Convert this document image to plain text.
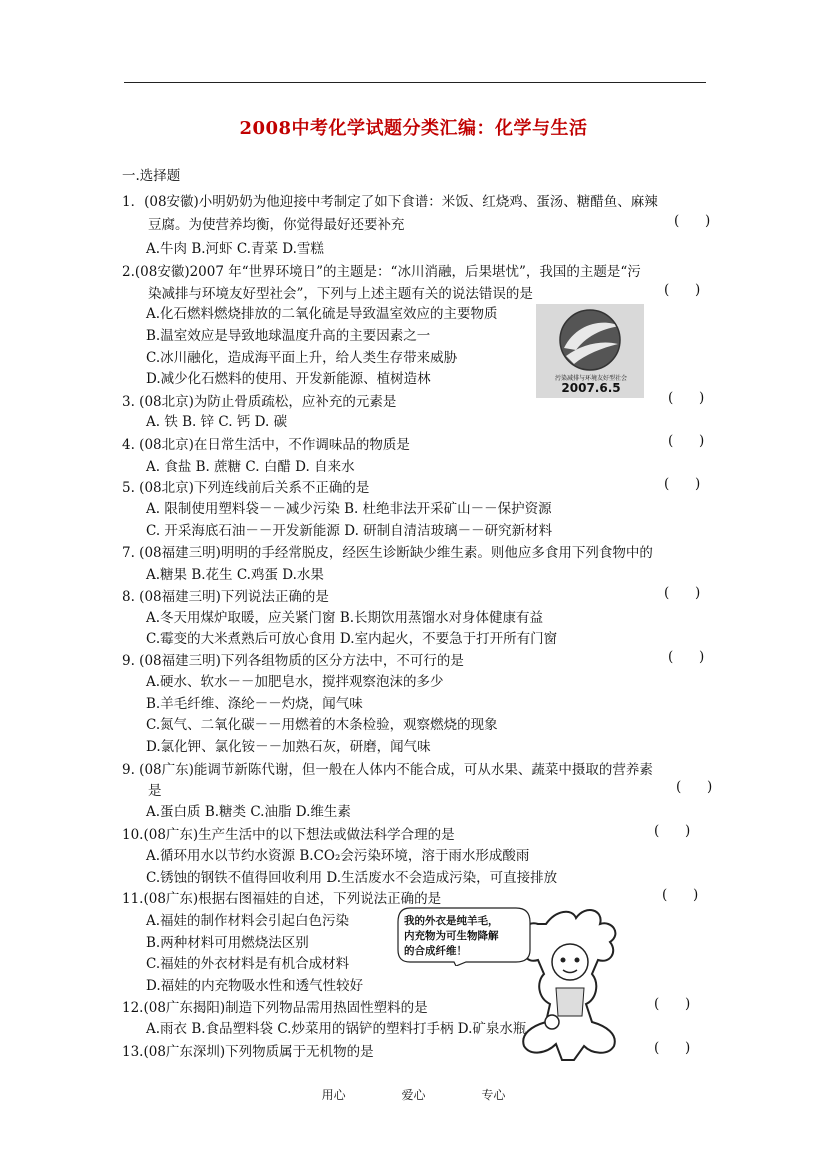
2008中考化学试题分类汇编：化学与生活
一.选择题
1．(08安徽)小明奶奶为他迎接中考制定了如下食谱：米饭、红烧鸡、蛋汤、糖醋鱼、麻辣
豆腐。为使营养均衡，你觉得最好还要补充	(      )
A.牛肉 B.河虾 C.青菜 D.雪糕
2.(08安徽)2007 年“世界环境日”的主题是：“冰川消融，后果堪忧”，我国的主题是“污
染减排与环境友好型社会”，下列与上述主题有关的说法错误的是	(      )
A.化石燃料燃烧排放的二氧化硫是导致温室效应的主要物质
B.温室效应是导致地球温度升高的主要因素之一
C.冰川融化，造成海平面上升，给人类生存带来威胁
D.减少化石燃料的使用、开发新能源、植树造林
3. (08北京)为防止骨质疏松，应补充的元素是	(      )
A. 铁 B. 锌 C. 钙 D. 碳
4. (08北京)在日常生活中，不作调味品的物质是	(      )
A. 食盐 B. 蔗糖 C. 白醋 D. 自来水
5. (08北京)下列连线前后关系不正确的是	(      )
A. 限制使用塑料袋－－减少污染 B. 杜绝非法开采矿山－－保护资源
C. 开采海底石油－－开发新能源 D. 研制自清洁玻璃－－研究新材料
7. (08福建三明)明明的手经常脱皮，经医生诊断缺少维生素。则他应多食用下列食物中的
A.糖果 B.花生 C.鸡蛋 D.水果
8. (08福建三明)下列说法正确的是	(      )
A.冬天用煤炉取暖，应关紧门窗 B.长期饮用蒸馏水对身体健康有益
C.霉变的大米煮熟后可放心食用 D.室内起火，不要急于打开所有门窗
9. (08福建三明)下列各组物质的区分方法中，不可行的是	(      )
A.硬水、软水－－加肥皂水，搅拌观察泡沫的多少
B.羊毛纤维、涤纶－－灼烧，闻气味
C.氮气、二氧化碳－－用燃着的木条检验，观察燃烧的现象
D.氯化钾、氯化铵－－加熟石灰，研磨，闻气味
9. (08广东)能调节新陈代谢，但一般在人体内不能合成，可从水果、蔬菜中摄取的营养素
是	(      )
A.蛋白质 B.糖类 C.油脂 D.维生素
10.(08广东)生产生活中的以下想法或做法科学合理的是	(      )
A.循环用水以节约水资源 B.CO₂会污染环境，溶于雨水形成酸雨
C.锈蚀的钢铁不值得回收利用 D.生活废水不会造成污染，可直接排放
11.(08广东)根据右图福娃的自述，下列说法正确的是	(      )
A.福娃的制作材料会引起白色污染
B.两种材料可用燃烧法区别
C.福娃的外衣材料是有机合成材料
D.福娃的内充物吸水性和透气性较好
12.(08广东揭阳)制造下列物品需用热固性塑料的是	(      )
A.雨衣 B.食品塑料袋 C.炒菜用的锅铲的塑料打手柄 D.矿泉水瓶
13.(08广东深圳)下列物质属于无机物的是	(      )
污染减排与环境友好型社会
2007.6.5
我的外衣是纯羊毛，
内充物为可生物降解
的合成纤维！
用心	爱心	专心
